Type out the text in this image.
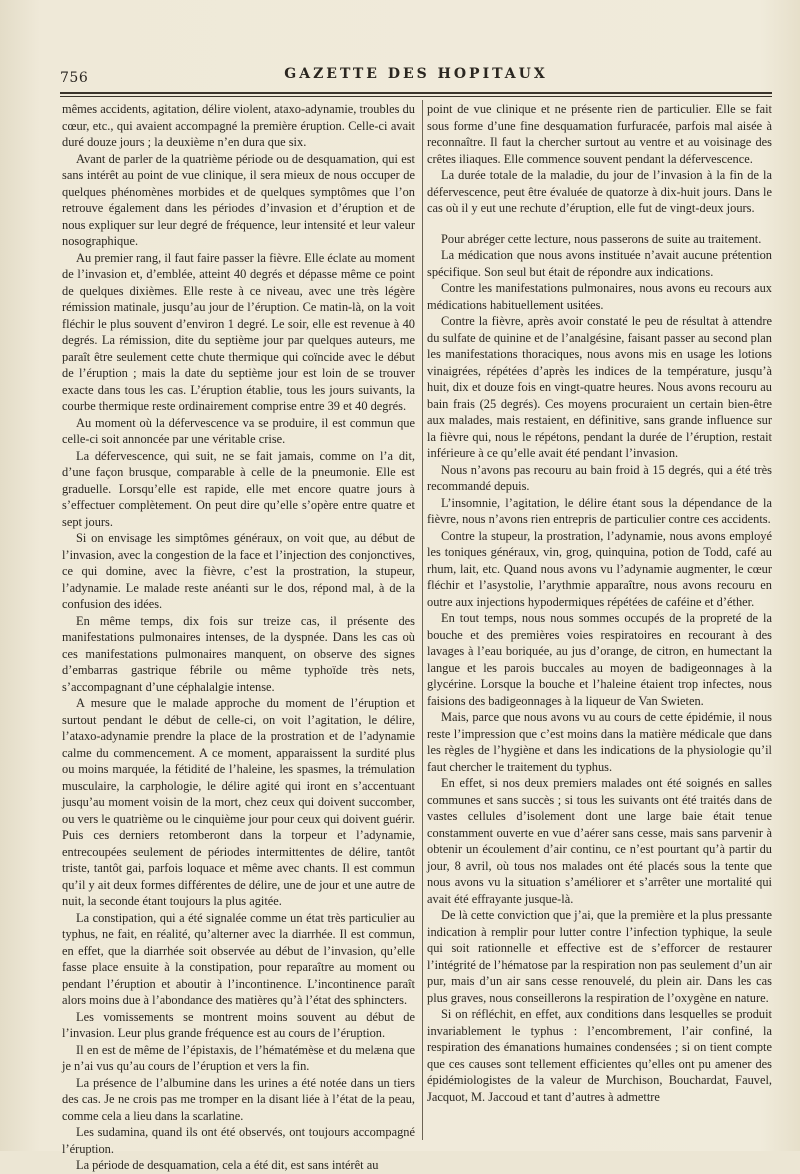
756	GAZETTE DES HOPITAUX

mêmes accidents, agitation, délire violent, ataxo-adynamie, troubles du cœur, etc., qui avaient accompagné la première éruption. Celle-ci avait duré douze jours ; la deuxième n’en dura que six.

Avant de parler de la quatrième période ou de desquamation, qui est sans intérêt au point de vue clinique, il sera mieux de nous occuper de quelques phénomènes morbides et de quelques symptômes que l’on retrouve également dans les périodes d’invasion et d’éruption et de nous expliquer sur leur degré de fréquence, leur intensité et leur valeur nosographique.

Au premier rang, il faut faire passer la fièvre. Elle éclate au moment de l’invasion et, d’emblée, atteint 40 degrés et dépasse même ce point de quelques dixièmes. Elle reste à ce niveau, avec une très légère rémission matinale, jusqu’au jour de l’éruption. Ce matin-là, on la voit fléchir le plus souvent d’environ 1 degré. Le soir, elle est revenue à 40 degrés. La rémission, dite du septième jour par quelques auteurs, me paraît être seulement cette chute thermique qui coïncide avec le début de l’éruption ; mais la date du septième jour est loin de se trouver exacte dans tous les cas. L’éruption établie, tous les jours suivants, la courbe thermique reste ordinairement comprise entre 39 et 40 degrés.

Au moment où la défervescence va se produire, il est commun que celle-ci soit annoncée par une véritable crise.

La défervescence, qui suit, ne se fait jamais, comme on l’a dit, d’une façon brusque, comparable à celle de la pneumonie. Elle est graduelle. Lorsqu’elle est rapide, elle met encore quatre jours à s’effectuer complètement. On peut dire qu’elle s’opère entre quatre et sept jours.

Si on envisage les simptômes généraux, on voit que, au début de l’invasion, avec la congestion de la face et l’injection des conjonctives, ce qui domine, avec la fièvre, c’est la prostration, la stupeur, l’adynamie. Le malade reste anéanti sur le dos, répond mal, à de la confusion des idées.

En même temps, dix fois sur treize cas, il présente des manifestations pulmonaires intenses, de la dyspnée. Dans les cas où ces manifestations pulmonaires manquent, on observe des signes d’embarras gastrique fébrile ou même typhoïde très nets, s’accompagnant d’une céphalalgie intense.

A mesure que le malade approche du moment de l’éruption et surtout pendant le début de celle-ci, on voit l’agitation, le délire, l’ataxo-adynamie prendre la place de la prostration et de l’adynamie calme du commencement. A ce moment, apparaissent la surdité plus ou moins marquée, la fétidité de l’haleine, les spasmes, la trémulation musculaire, la carphologie, le délire agité qui iront en s’accentuant jusqu’au moment voisin de la mort, chez ceux qui doivent succomber, ou vers le quatrième ou le cinquième jour pour ceux qui doivent guérir. Puis ces derniers retomberont dans la torpeur et l’adynamie, entrecoupées seulement de périodes intermittentes de délire, tantôt triste, tantôt gai, parfois loquace et même avec chants. Il est commun qu’il y ait deux formes différentes de délire, une de jour et une autre de nuit, la seconde étant toujours la plus agitée.

La constipation, qui a été signalée comme un état très particulier au typhus, ne fait, en réalité, qu’alterner avec la diarrhée. Il est commun, en effet, que la diarrhée soit observée au début de l’invasion, qu’elle fasse place ensuite à la constipation, pour reparaître au moment ou pendant l’éruption et aboutir à l’incontinence. L’incontinence paraît alors moins due à l’abondance des matières qu’à l’état des sphincters.

Les vomissements se montrent moins souvent au début de l’invasion. Leur plus grande fréquence est au cours de l’éruption.

Il en est de même de l’épistaxis, de l’hématémèse et du melæna que je n’ai vus qu’au cours de l’éruption et vers la fin.

La présence de l’albumine dans les urines a été notée dans un tiers des cas. Je ne crois pas me tromper en la disant liée à l’état de la peau, comme cela a lieu dans la scarlatine.

Les sudamina, quand ils ont été observés, ont toujours accompagné l’éruption.

La période de desquamation, cela a été dit, est sans intérêt au

point de vue clinique et ne présente rien de particulier. Elle se fait sous forme d’une fine desquamation furfuracée, parfois mal aisée à reconnaître. Il faut la chercher surtout au ventre et au voisinage des crêtes iliaques. Elle commence souvent pendant la défervescence.

La durée totale de la maladie, du jour de l’invasion à la fin de la défervescence, peut être évaluée de quatorze à dix-huit jours. Dans le cas où il y eut une rechute d’éruption, elle fut de vingt-deux jours.

Pour abréger cette lecture, nous passerons de suite au traitement.

La médication que nous avons instituée n’avait aucune prétention spécifique. Son seul but était de répondre aux indications.

Contre les manifestations pulmonaires, nous avons eu recours aux médications habituellement usitées.

Contre la fièvre, après avoir constaté le peu de résultat à attendre du sulfate de quinine et de l’analgésine, faisant passer au second plan les manifestations thoraciques, nous avons mis en usage les lotions vinaigrées, répétées d’après les indices de la température, jusqu’à huit, dix et douze fois en vingt-quatre heures. Nous avons recouru au bain frais (25 degrés). Ces moyens procuraient un certain bien-être aux malades, mais restaient, en définitive, sans grande influence sur la fièvre qui, nous le répétons, pendant la durée de l’éruption, restait inférieure à ce qu’elle avait été pendant l’invasion.

Nous n’avons pas recouru au bain froid à 15 degrés, qui a été très recommandé depuis.

L’insomnie, l’agitation, le délire étant sous la dépendance de la fièvre, nous n’avons rien entrepris de particulier contre ces accidents.

Contre la stupeur, la prostration, l’adynamie, nous avons employé les toniques généraux, vin, grog, quinquina, potion de Todd, café au rhum, lait, etc. Quand nous avons vu l’adynamie augmenter, le cœur fléchir et l’asystolie, l’arythmie apparaître, nous avons recouru en outre aux injections hypodermiques répétées de caféine et d’éther.

En tout temps, nous nous sommes occupés de la propreté de la bouche et des premières voies respiratoires en recourant à des lavages à l’eau boriquée, au jus d’orange, de citron, en humectant la langue et les parois buccales au moyen de badigeonnages à la glycérine. Lorsque la bouche et l’haleine étaient trop infectes, nous faisions des badigeonnages à la liqueur de Van Swieten.

Mais, parce que nous avons vu au cours de cette épidémie, il nous reste l’impression que c’est moins dans la matière médicale que dans les règles de l’hygiène et dans les indications de la physiologie qu’il faut chercher le traitement du typhus.

En effet, si nos deux premiers malades ont été soignés en salles communes et sans succès ; si tous les suivants ont été traités dans de vastes cellules d’isolement dont une large baie était tenue constamment ouverte en vue d’aérer sans cesse, mais sans parvenir à obtenir un écoulement d’air continu, ce n’est pourtant qu’à partir du jour, 8 avril, où tous nos malades ont été placés sous la tente que nous avons vu la situation s’améliorer et s’arrêter une mortalité qui avait été effrayante jusque-là.

De là cette conviction que j’ai, que la première et la plus pressante indication à remplir pour lutter contre l’infection typhique, la seule qui soit rationnelle et effective est de s’efforcer de restaurer l’intégrité de l’hématose par la respiration non pas seulement d’un air pur, mais d’un air sans cesse renouvelé, du plein air. Dans les cas plus graves, nous conseillerons la respiration de l’oxygène en nature.

Si on réfléchit, en effet, aux conditions dans lesquelles se produit invariablement le typhus : l’encombrement, l’air confiné, la respiration des émanations humaines condensées ; si on tient compte que ces causes sont tellement efficientes qu’elles ont pu amener des épidémiologistes de la valeur de Murchison, Bouchardat, Fauvel, Jacquot, M. Jaccoud et tant d’autres à admettre
